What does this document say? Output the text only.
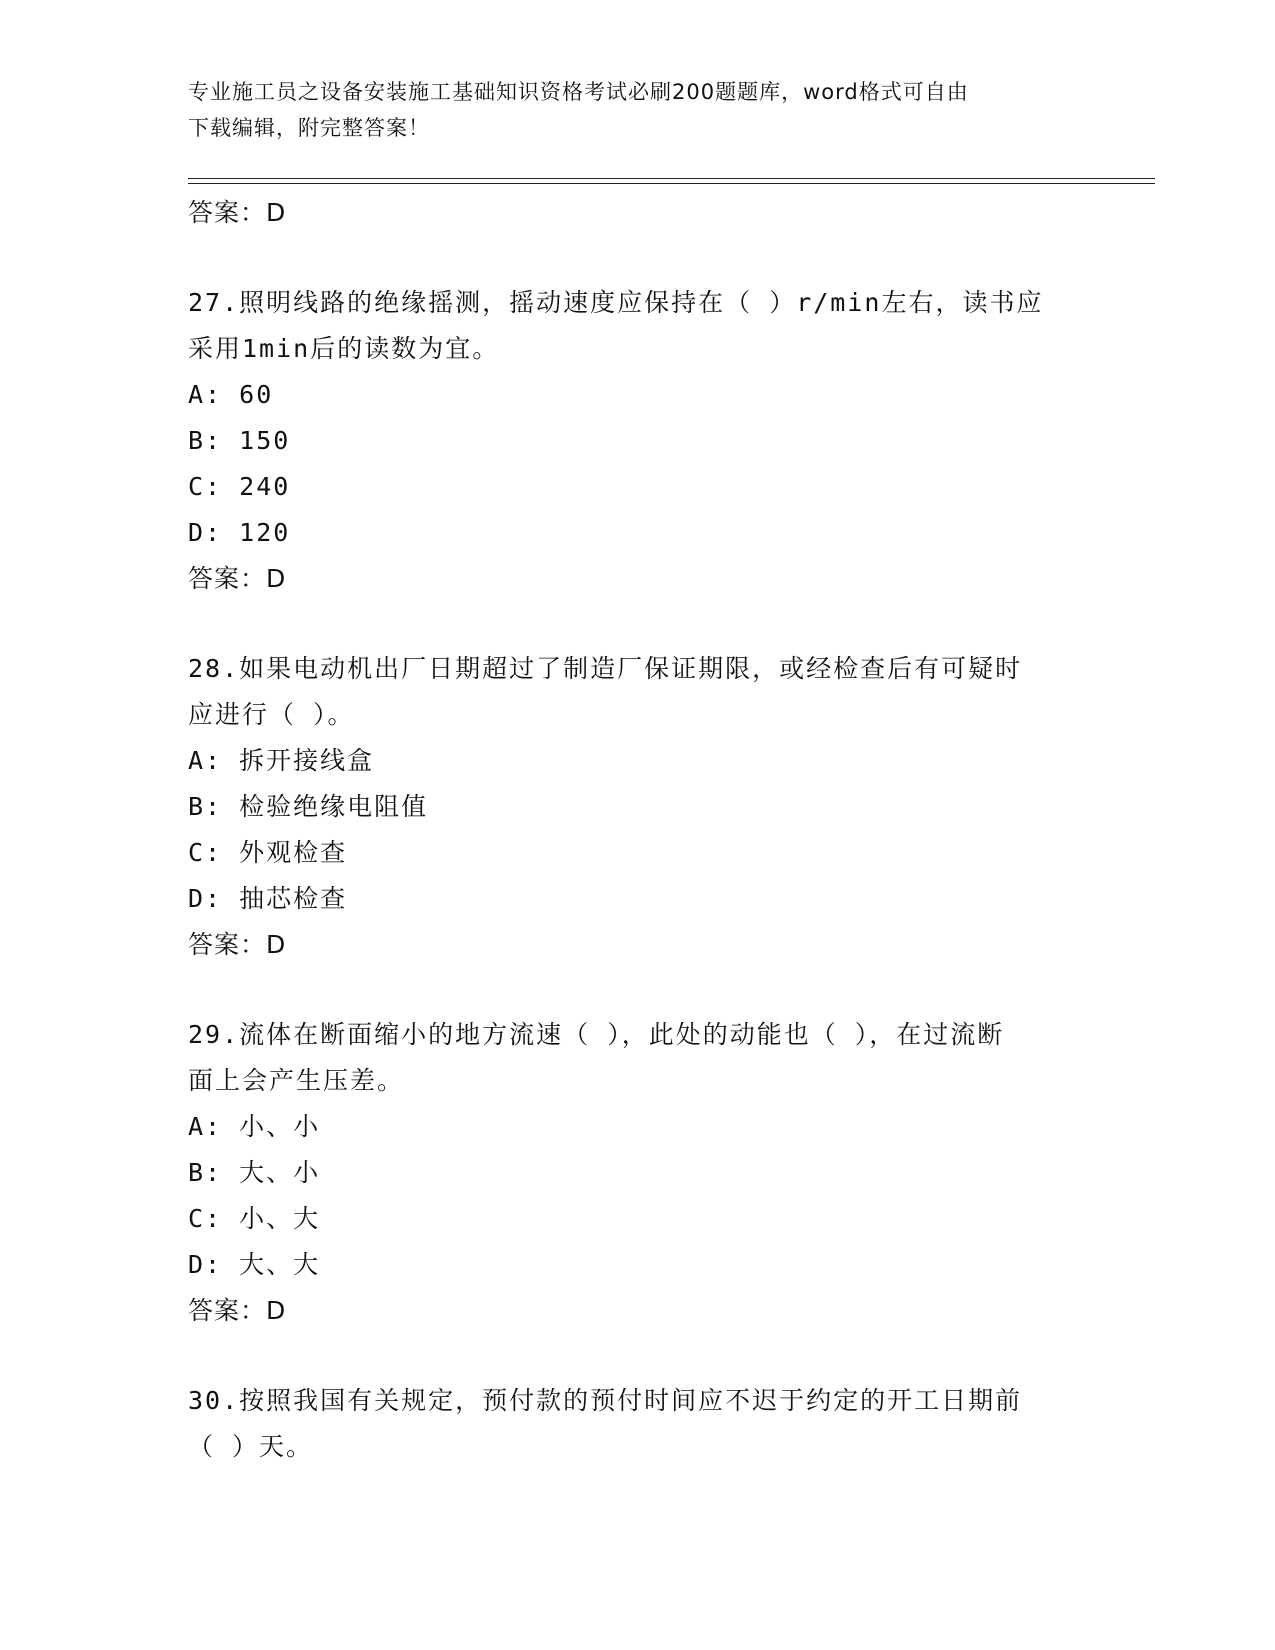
专业施工员之设备安装施工基础知识资格考试必刷200题题库，word格式可自由
下载编辑，附完整答案！
答案：D
27.照明线路的绝缘摇测，摇动速度应保持在（ ）r/min左右，读书应
采用1min后的读数为宜。
A: 60
B: 150
C: 240
D: 120
答案：D
28.如果电动机出厂日期超过了制造厂保证期限，或经检查后有可疑时
应进行（ ）。
A: 拆开接线盒
B: 检验绝缘电阻值
C: 外观检查
D: 抽芯检查
答案：D
29.流体在断面缩小的地方流速（ ），此处的动能也（ ），在过流断
面上会产生压差。
A: 小、小
B: 大、小
C: 小、大
D: 大、大
答案：D
30.按照我国有关规定，预付款的预付时间应不迟于约定的开工日期前
（ ）天。
